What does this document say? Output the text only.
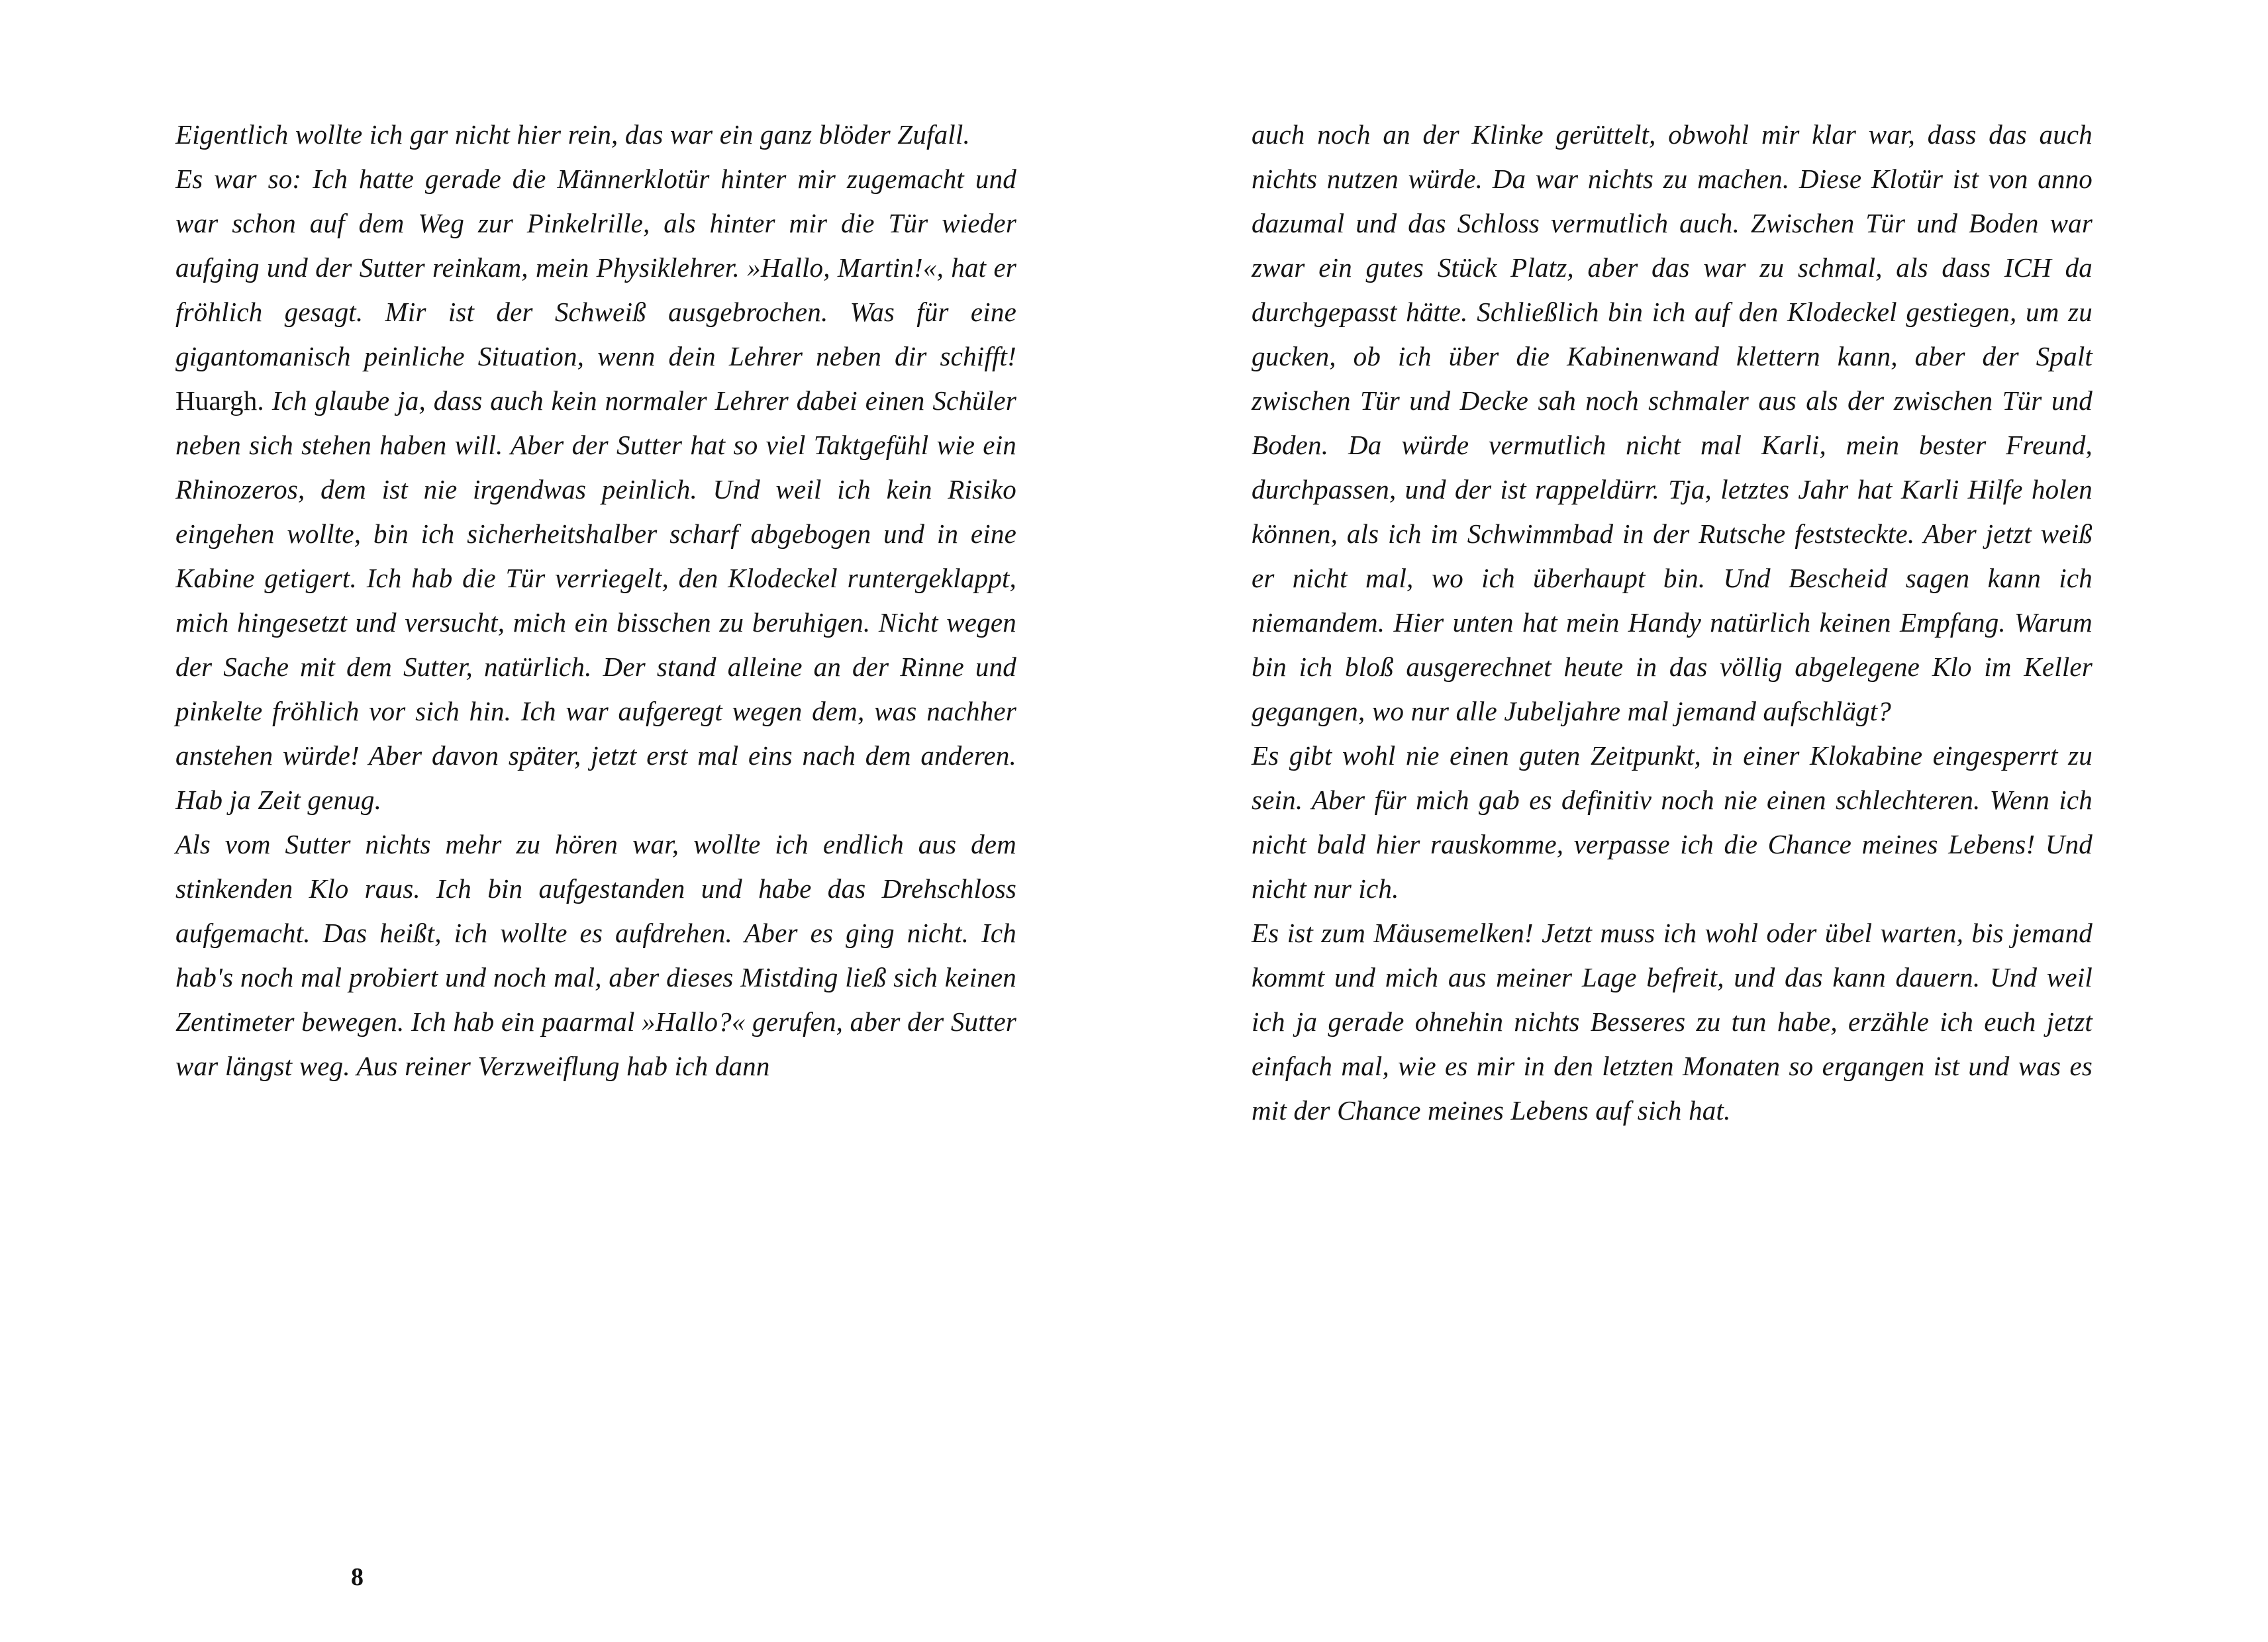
Eigentlich wollte ich gar nicht hier rein, das war ein ganz blöder Zufall.

Es war so: Ich hatte gerade die Männerklotür hinter mir zugemacht und war schon auf dem Weg zur Pinkelrille, als hinter mir die Tür wieder aufging und der Sutter reinkam, mein Physiklehrer. »Hallo, Martin!«, hat er fröhlich gesagt. Mir ist der Schweiß ausgebrochen. Was für eine gigantomanisch peinliche Situation, wenn dein Lehrer neben dir schifft! Huargh. Ich glaube ja, dass auch kein normaler Lehrer dabei einen Schüler neben sich stehen haben will. Aber der Sutter hat so viel Taktgefühl wie ein Rhinozeros, dem ist nie irgendwas peinlich. Und weil ich kein Risiko eingehen wollte, bin ich sicherheitshalber scharf abgebogen und in eine Kabine getigert. Ich hab die Tür verriegelt, den Klodeckel runtergeklappt, mich hingesetzt und versucht, mich ein bisschen zu beruhigen. Nicht wegen der Sache mit dem Sutter, natürlich. Der stand alleine an der Rinne und pinkelte fröhlich vor sich hin. Ich war aufgeregt wegen dem, was nachher anstehen würde! Aber davon später, jetzt erst mal eins nach dem anderen. Hab ja Zeit genug.

Als vom Sutter nichts mehr zu hören war, wollte ich endlich aus dem stinkenden Klo raus. Ich bin aufgestanden und habe das Drehschloss aufgemacht. Das heißt, ich wollte es aufdrehen. Aber es ging nicht. Ich hab's noch mal probiert und noch mal, aber dieses Mistding ließ sich keinen Zentimeter bewegen. Ich hab ein paarmal »Hallo?« gerufen, aber der Sutter war längst weg. Aus reiner Verzweiflung hab ich dann

8

auch noch an der Klinke gerüttelt, obwohl mir klar war, dass das auch nichts nutzen würde. Da war nichts zu machen. Diese Klotür ist von anno dazumal und das Schloss vermutlich auch. Zwischen Tür und Boden war zwar ein gutes Stück Platz, aber das war zu schmal, als dass ICH da durchgepasst hätte. Schließlich bin ich auf den Klodeckel gestiegen, um zu gucken, ob ich über die Kabinenwand klettern kann, aber der Spalt zwischen Tür und Decke sah noch schmaler aus als der zwischen Tür und Boden. Da würde vermutlich nicht mal Karli, mein bester Freund, durchpassen, und der ist rappeldürr. Tja, letztes Jahr hat Karli Hilfe holen können, als ich im Schwimmbad in der Rutsche feststeckte. Aber jetzt weiß er nicht mal, wo ich überhaupt bin. Und Bescheid sagen kann ich niemandem. Hier unten hat mein Handy natürlich keinen Empfang. Warum bin ich bloß ausgerechnet heute in das völlig abgelegene Klo im Keller gegangen, wo nur alle Jubeljahre mal jemand aufschlägt?

Es gibt wohl nie einen guten Zeitpunkt, in einer Klokabine eingesperrt zu sein. Aber für mich gab es definitiv noch nie einen schlechteren. Wenn ich nicht bald hier rauskomme, verpasse ich die Chance meines Lebens! Und nicht nur ich.

Es ist zum Mäusemelken! Jetzt muss ich wohl oder übel warten, bis jemand kommt und mich aus meiner Lage befreit, und das kann dauern. Und weil ich ja gerade ohnehin nichts Besseres zu tun habe, erzähle ich euch jetzt einfach mal, wie es mir in den letzten Monaten so ergangen ist und was es mit der Chance meines Lebens auf sich hat.
